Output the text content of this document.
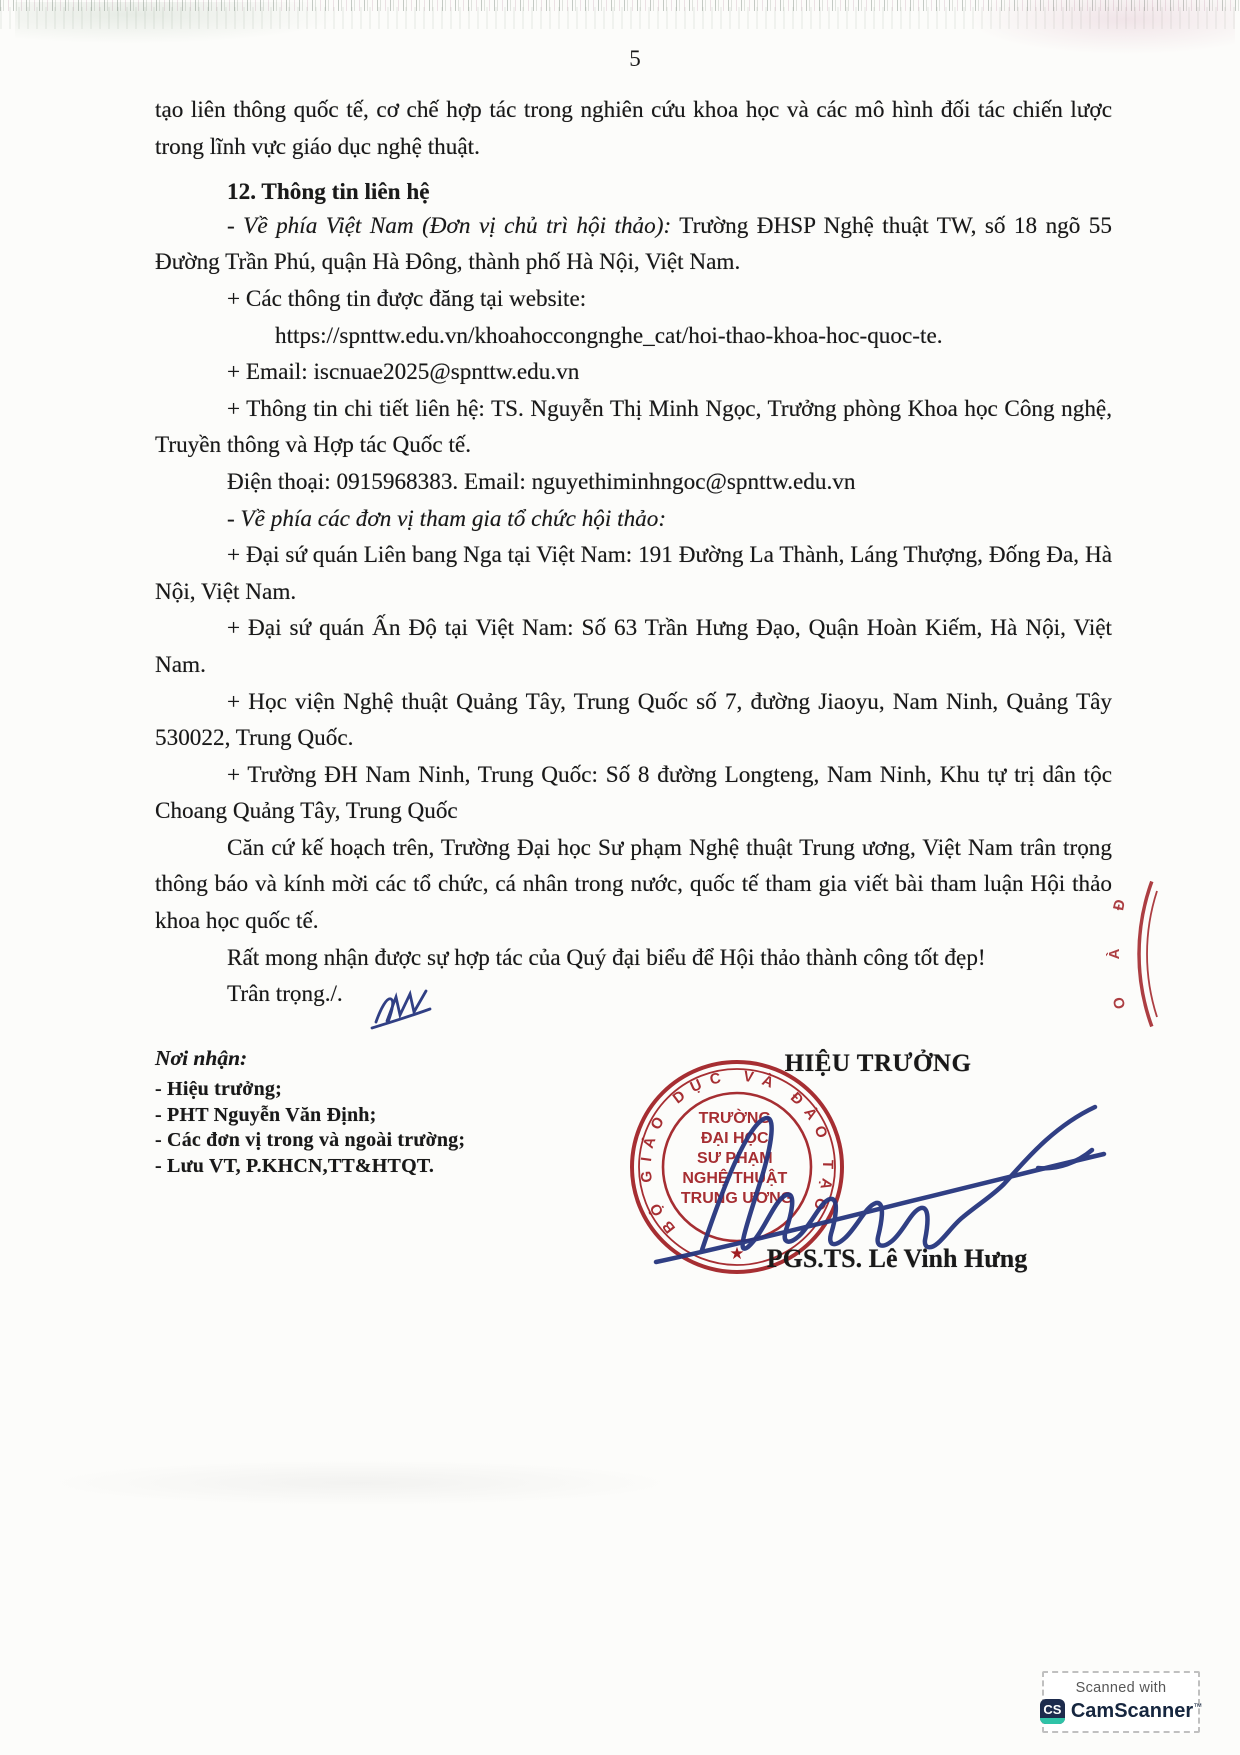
5

tạo liên thông quốc tế, cơ chế hợp tác trong nghiên cứu khoa học và các mô hình đối tác chiến lược trong lĩnh vực giáo dục nghệ thuật.

12. Thông tin liên hệ

- Về phía Việt Nam (Đơn vị chủ trì hội thảo): Trường ĐHSP Nghệ thuật TW, số 18 ngõ 55 Đường Trần Phú, quận Hà Đông, thành phố Hà Nội, Việt Nam.

+ Các thông tin được đăng tại website:

https://spnttw.edu.vn/khoahoccongnghe_cat/hoi-thao-khoa-hoc-quoc-te.

+ Email: iscnuae2025@spnttw.edu.vn

+ Thông tin chi tiết liên hệ: TS. Nguyễn Thị Minh Ngọc, Trưởng phòng Khoa học Công nghệ, Truyền thông và Hợp tác Quốc tế.

Điện thoại: 0915968383. Email: nguyethiminhngoc@spnttw.edu.vn

- Về phía các đơn vị tham gia tổ chức hội thảo:

+ Đại sứ quán Liên bang Nga tại Việt Nam: 191 Đường La Thành, Láng Thượng, Đống Đa, Hà Nội, Việt Nam.

+ Đại sứ quán Ấn Độ tại Việt Nam: Số 63 Trần Hưng Đạo, Quận Hoàn Kiếm, Hà Nội, Việt Nam.

+ Học viện Nghệ thuật Quảng Tây, Trung Quốc số 7, đường Jiaoyu, Nam Ninh, Quảng Tây 530022, Trung Quốc.

+ Trường ĐH Nam Ninh, Trung Quốc: Số 8 đường Longteng, Nam Ninh, Khu tự trị dân tộc Choang Quảng Tây, Trung Quốc

Căn cứ kế hoạch trên, Trường Đại học Sư phạm Nghệ thuật Trung ương, Việt Nam trân trọng thông báo và kính mời các tổ chức, cá nhân trong nước, quốc tế tham gia viết bài tham luận Hội thảo khoa học quốc tế.

Rất mong nhận được sự hợp tác của Quý đại biểu để Hội thảo thành công tốt đẹp!

Trân trọng./.

Nơi nhận:
- Hiệu trưởng;
- PHT Nguyễn Văn Định;
- Các đơn vị trong và ngoài trường;
- Lưu VT, P.KHCN,TT&HTQT.
HIỆU TRƯỞNG
BỘ GIÁO DỤC VÀ ĐÀO TẠO
TRƯỜNG ĐẠI HỌC SƯ PHẠM NGHỆ THUẬT TRUNG ƯƠNG
★ PGS.TS. Lê Vinh Hưng
Đ
À
O
Scanned with
CS CamScanner™
